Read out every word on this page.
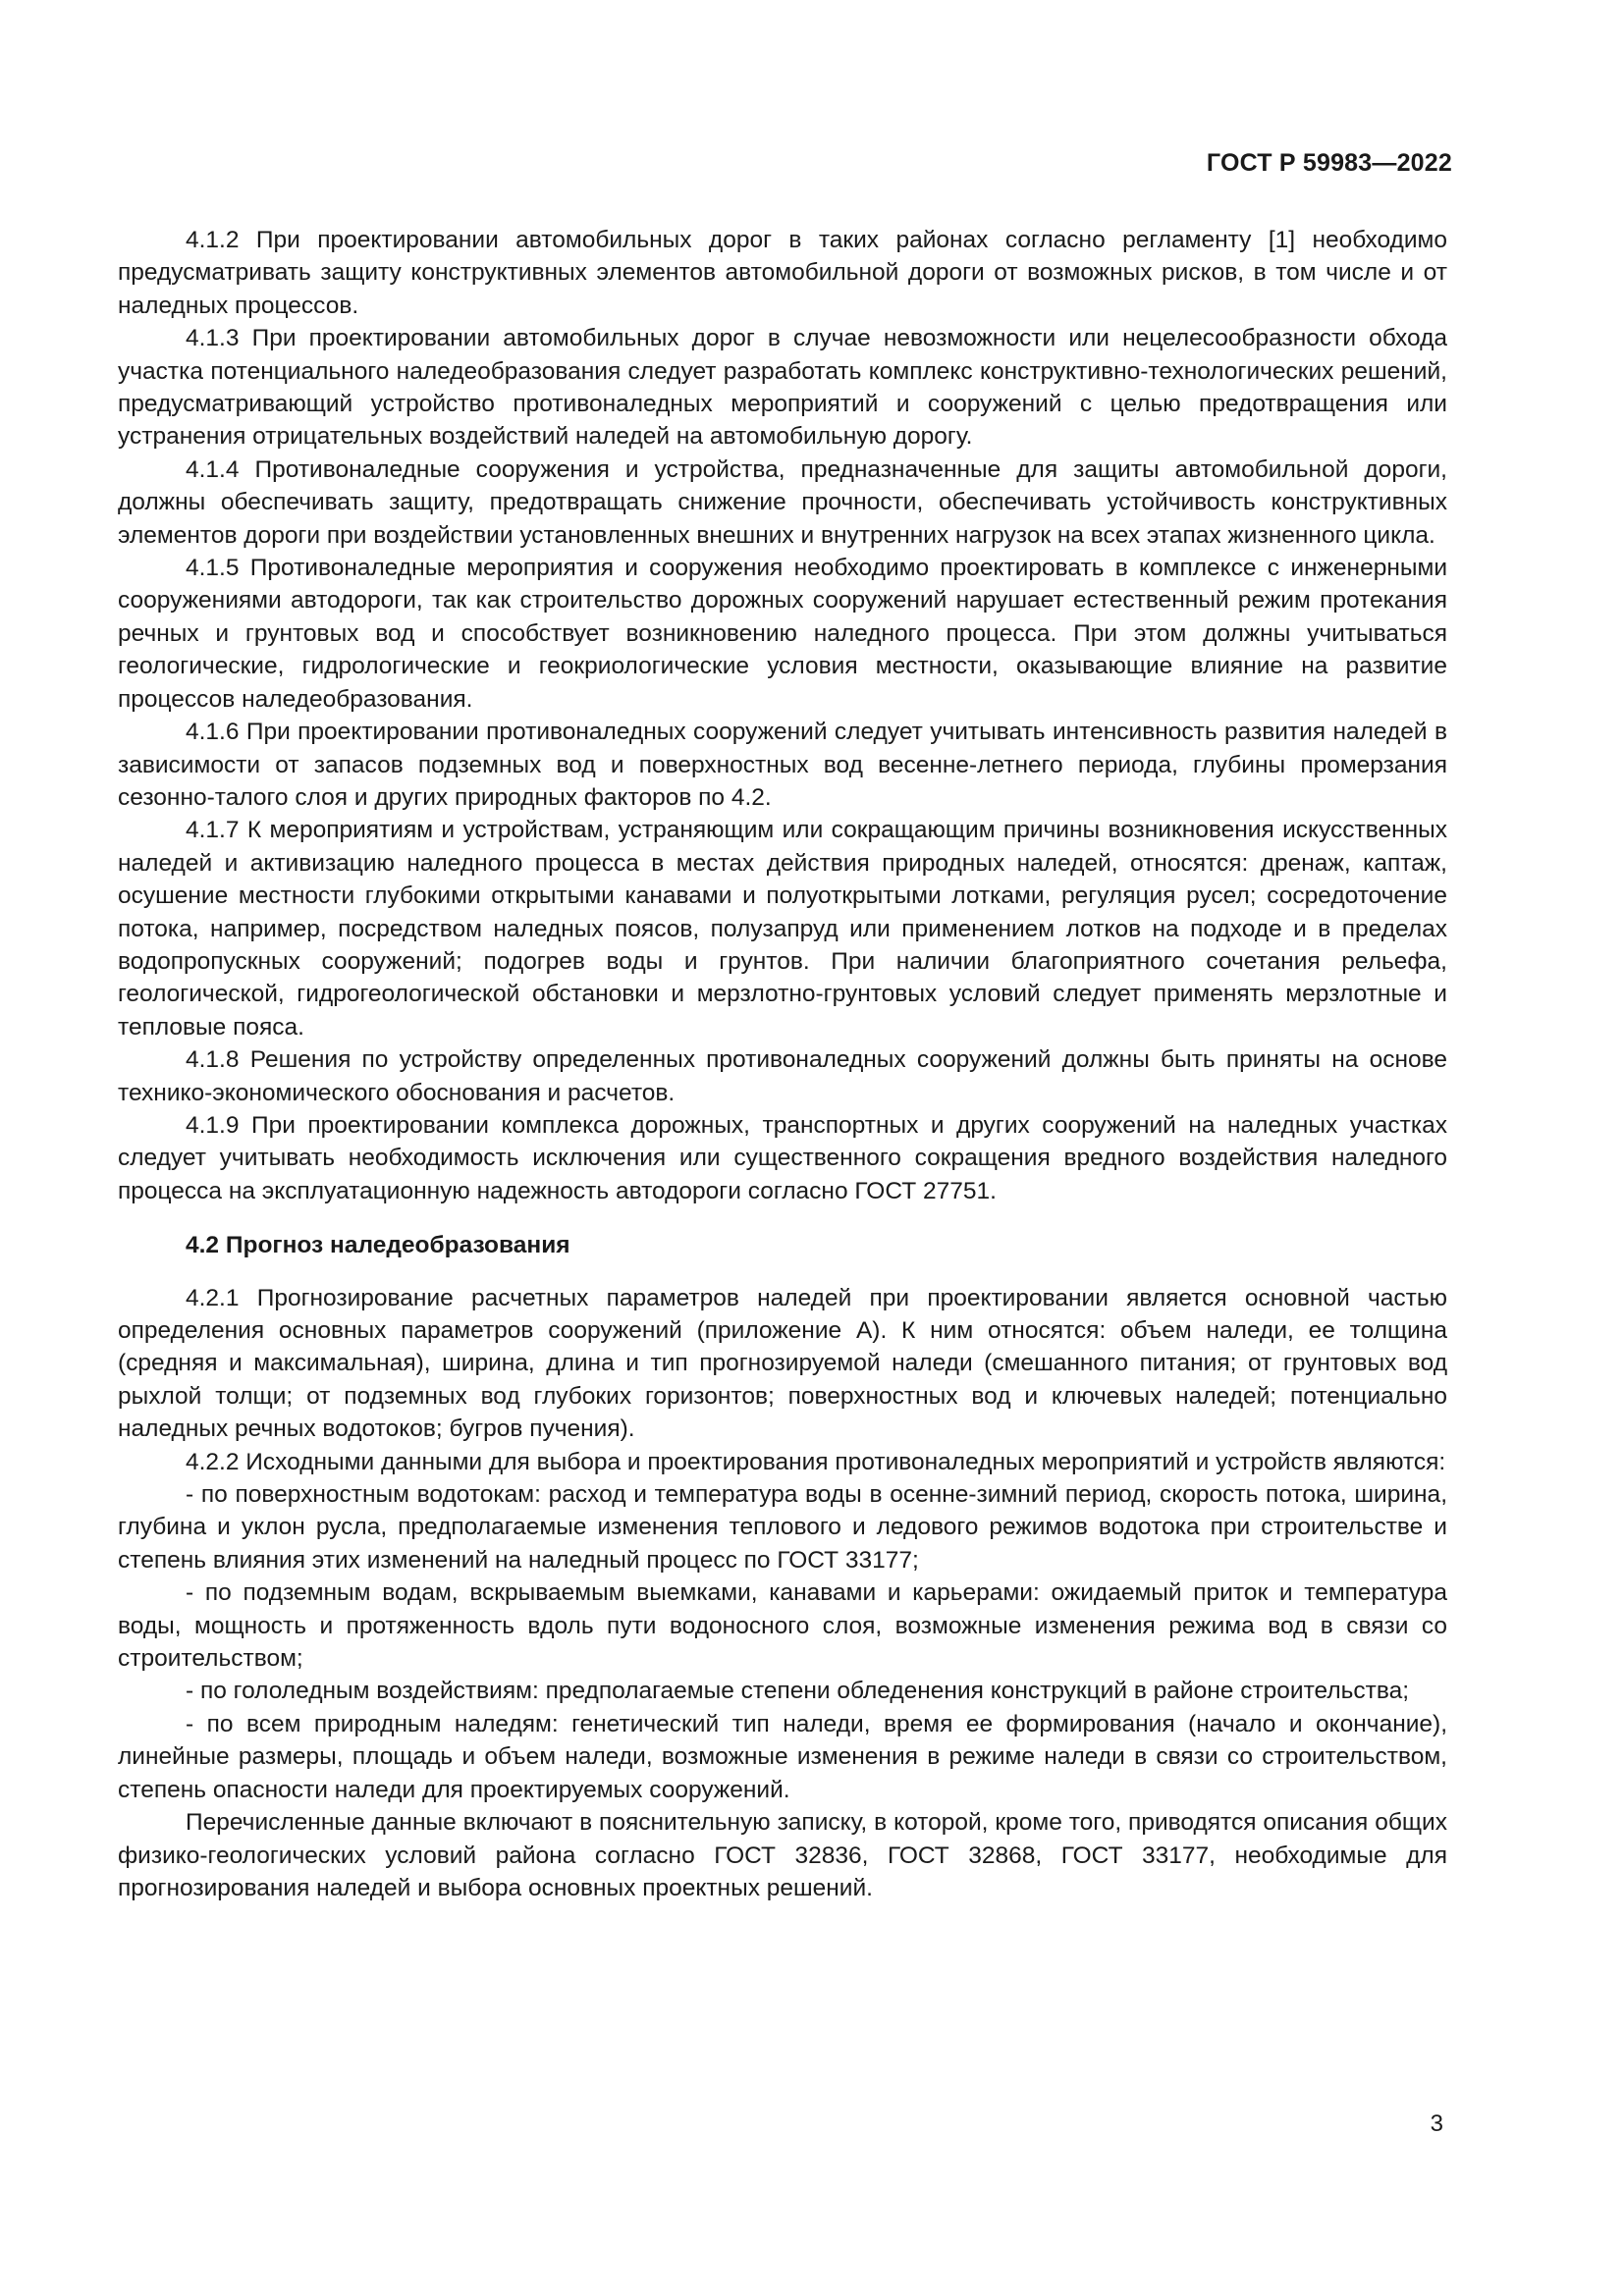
ГОСТ Р 59983—2022

4.1.2 При проектировании автомобильных дорог в таких районах согласно регламенту [1] необходимо предусматривать защиту конструктивных элементов автомобильной дороги от возможных рисков, в том числе и от наледных процессов.

4.1.3 При проектировании автомобильных дорог в случае невозможности или нецелесообразности обхода участка потенциального наледеобразования следует разработать комплекс конструктивно-технологических решений, предусматривающий устройство противоналедных мероприятий и сооружений с целью предотвращения или устранения отрицательных воздействий наледей на автомобильную дорогу.

4.1.4 Противоналедные сооружения и устройства, предназначенные для защиты автомобильной дороги, должны обеспечивать защиту, предотвращать снижение прочности, обеспечивать устойчивость конструктивных элементов дороги при воздействии установленных внешних и внутренних нагрузок на всех этапах жизненного цикла.

4.1.5 Противоналедные мероприятия и сооружения необходимо проектировать в комплексе с инженерными сооружениями автодороги, так как строительство дорожных сооружений нарушает естественный режим протекания речных и грунтовых вод и способствует возникновению наледного процесса. При этом должны учитываться геологические, гидрологические и геокриологические условия местности, оказывающие влияние на развитие процессов наледеобразования.

4.1.6 При проектировании противоналедных сооружений следует учитывать интенсивность развития наледей в зависимости от запасов подземных вод и поверхностных вод весенне-летнего периода, глубины промерзания сезонно-талого слоя и других природных факторов по 4.2.

4.1.7 К мероприятиям и устройствам, устраняющим или сокращающим причины возникновения искусственных наледей и активизацию наледного процесса в местах действия природных наледей, относятся: дренаж, каптаж, осушение местности глубокими открытыми канавами и полуоткрытыми лотками, регуляция русел; сосредоточение потока, например, посредством наледных поясов, полузапруд или применением лотков на подходе и в пределах водопропускных сооружений; подогрев воды и грунтов. При наличии благоприятного сочетания рельефа, геологической, гидрогеологической обстановки и мерзлотно-грунтовых условий следует применять мерзлотные и тепловые пояса.

4.1.8 Решения по устройству определенных противоналедных сооружений должны быть приняты на основе технико-экономического обоснования и расчетов.

4.1.9 При проектировании комплекса дорожных, транспортных и других сооружений на наледных участках следует учитывать необходимость исключения или существенного сокращения вредного воздействия наледного процесса на эксплуатационную надежность автодороги согласно ГОСТ 27751.

4.2 Прогноз наледеобразования

4.2.1 Прогнозирование расчетных параметров наледей при проектировании является основной частью определения основных параметров сооружений (приложение А). К ним относятся: объем наледи, ее толщина (средняя и максимальная), ширина, длина и тип прогнозируемой наледи (смешанного питания; от грунтовых вод рыхлой толщи; от подземных вод глубоких горизонтов; поверхностных вод и ключевых наледей; потенциально наледных речных водотоков; бугров пучения).

4.2.2 Исходными данными для выбора и проектирования противоналедных мероприятий и устройств являются:

- по поверхностным водотокам: расход и температура воды в осенне-зимний период, скорость потока, ширина, глубина и уклон русла, предполагаемые изменения теплового и ледового режимов водотока при строительстве и степень влияния этих изменений на наледный процесс по ГОСТ 33177;

- по подземным водам, вскрываемым выемками, канавами и карьерами: ожидаемый приток и температура воды, мощность и протяженность вдоль пути водоносного слоя, возможные изменения режима вод в связи со строительством;

- по гололедным воздействиям: предполагаемые степени обледенения конструкций в районе строительства;

- по всем природным наледям: генетический тип наледи, время ее формирования (начало и окончание), линейные размеры, площадь и объем наледи, возможные изменения в режиме наледи в связи со строительством, степень опасности наледи для проектируемых сооружений.

Перечисленные данные включают в пояснительную записку, в которой, кроме того, приводятся описания общих физико-геологических условий района согласно ГОСТ 32836, ГОСТ 32868, ГОСТ 33177, необходимые для прогнозирования наледей и выбора основных проектных решений.

3
